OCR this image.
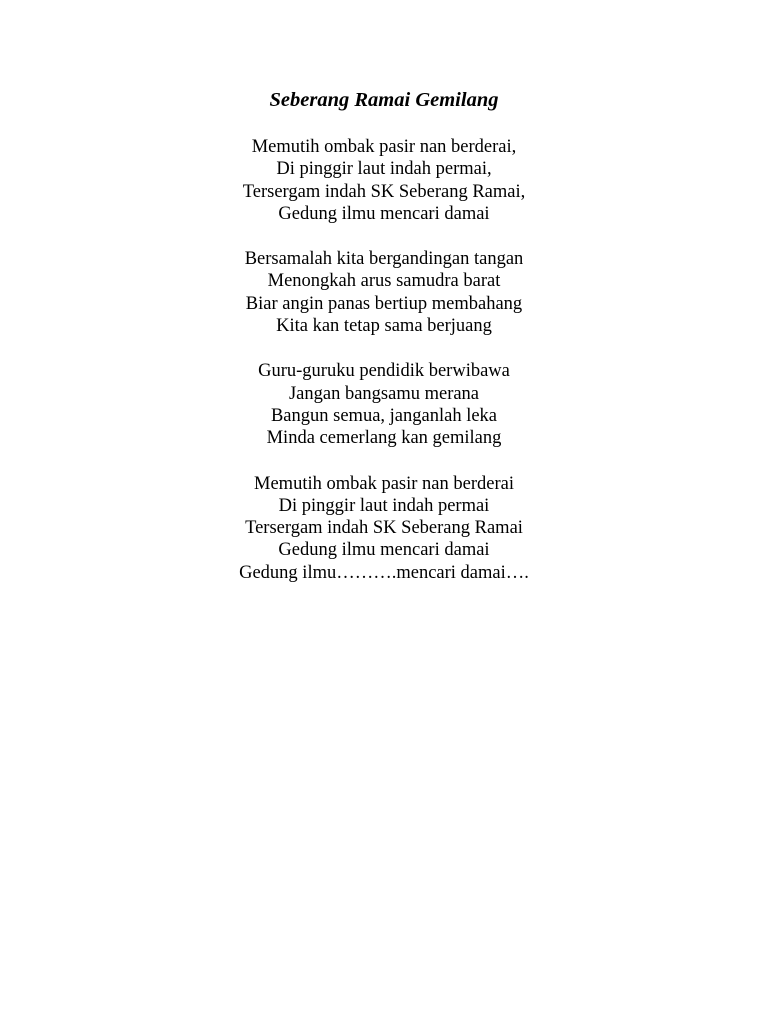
Seberang Ramai Gemilang
Memutih ombak pasir nan berderai,
Di pinggir laut indah permai,
Tersergam indah SK Seberang Ramai,
Gedung ilmu mencari damai
Bersamalah kita bergandingan tangan
Menongkah arus samudra barat
Biar angin panas bertiup membahang
Kita kan tetap sama berjuang
Guru-guruku pendidik berwibawa
Jangan bangsamu merana
Bangun semua, janganlah leka
Minda cemerlang kan gemilang
Memutih ombak pasir nan berderai
Di pinggir laut indah permai
Tersergam indah SK Seberang Ramai
Gedung ilmu mencari damai
Gedung ilmu……….mencari damai….
